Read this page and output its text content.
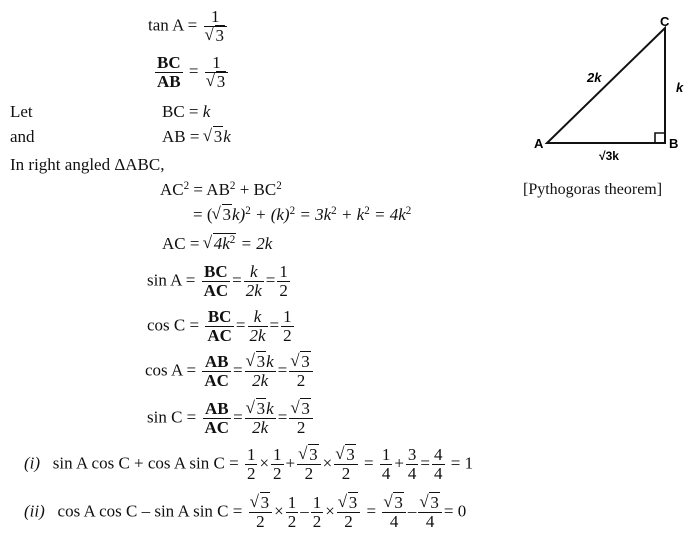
tan A = 1
√ 3
$\frac{BC}{AB} = 1$
√ 3
Let	BC = k
and	AB = √ 3k
In right angled ΔABC,
$AC^2 = AB^2 + BC^2$
= ( √ $3k)^2 + (k)^2 = 3k^2 + k^2 = 4k^2$
AC = √ $4k^2 = 2k$
$\sin A = \frac{BC}{AC} = \frac{k}{2k} = \frac{1}{2}$
$\cos C = \frac{BC}{AC} = \frac{k}{2k} = \frac{1}{2}$
$\cos A = \frac{AB}{AC}$ = √ $\frac{3k}{2k}$ = √ $\frac{3}{2}$
$\sin C = \frac{AB}{AC}$ = √ $\frac{3k}{2k}$ = √ $\frac{3}{2}$
(i) sin A cos C + cos A $\sin C = \frac{1}{2} \times \frac{1}{2}$ + √ $\frac{3}{2}$ × √ $\frac{3}{2} = \frac{1}{4} + \frac{3}{4} = \frac{4}{4} = 1$
(ii) cos A cos C – sin A sin C = √ $\frac{3}{2} \times \frac{1}{2} - \frac{1}{2}$ × √ $\frac{3}{2}$ = √ $\frac{3}{4}$ – √ $\frac{3}{4} = 0$
A	B
C
2k
k
√3k
[Pythogoras theorem]
